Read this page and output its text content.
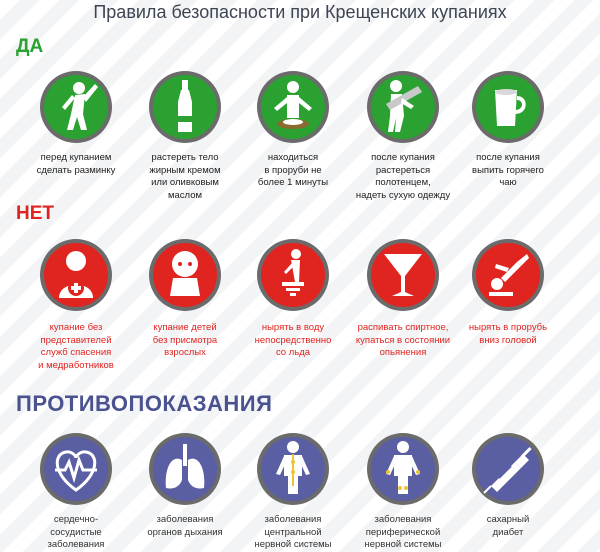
Правила безопасности при Крещенских купаниях
ДА
НЕТ
ПРОТИВОПОКАЗАНИЯ
перед купанием
сделать разминку
растереть тело
жирным кремом
или оливковым
маслом
находиться
в проруби не
более 1 минуты
после купания
растереться
полотенцем,
надеть сухую одежду
после купания
выпить горячего
чаю
купание без
представителей
служб спасения
и медработников
купание детей
без присмотра
взрослых
нырять в воду
непосредственно
со льда
распивать спиртное,
купаться в состоянии
опьянения
нырять в прорубь
вниз головой
сердечно-
сосудистые
заболевания
заболевания
органов дыхания
заболевания
центральной
нервной системы
заболевания
периферической
нервной системы
сахарный
диабет
